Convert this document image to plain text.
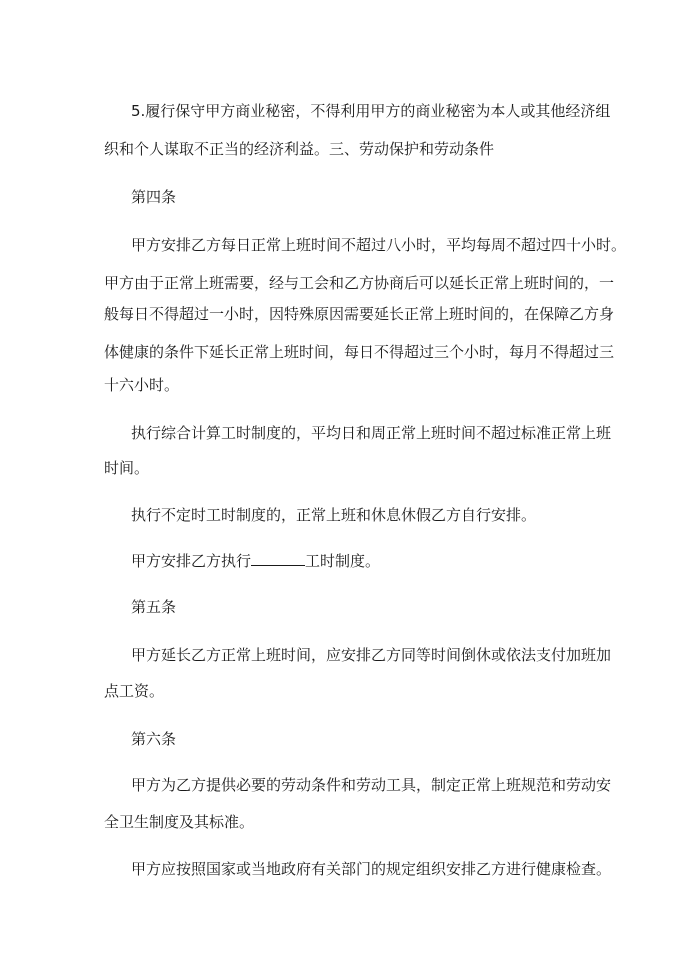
5.履行保守甲方商业秘密，不得利用甲方的商业秘密为本人或其他经济组
织和个人谋取不正当的经济利益。三、劳动保护和劳动条件
第四条
甲方安排乙方每日正常上班时间不超过八小时，平均每周不超过四十小时。
甲方由于正常上班需要，经与工会和乙方协商后可以延长正常上班时间的，一
般每日不得超过一小时，因特殊原因需要延长正常上班时间的，在保障乙方身
体健康的条件下延长正常上班时间，每日不得超过三个小时，每月不得超过三
十六小时。
执行综合计算工时制度的，平均日和周正常上班时间不超过标准正常上班
时间。
执行不定时工时制度的，正常上班和休息休假乙方自行安排。
甲方安排乙方执行	工时制度。
第五条
甲方延长乙方正常上班时间，应安排乙方同等时间倒休或依法支付加班加
点工资。
第六条
甲方为乙方提供必要的劳动条件和劳动工具，制定正常上班规范和劳动安
全卫生制度及其标准。
甲方应按照国家或当地政府有关部门的规定组织安排乙方进行健康检查。
